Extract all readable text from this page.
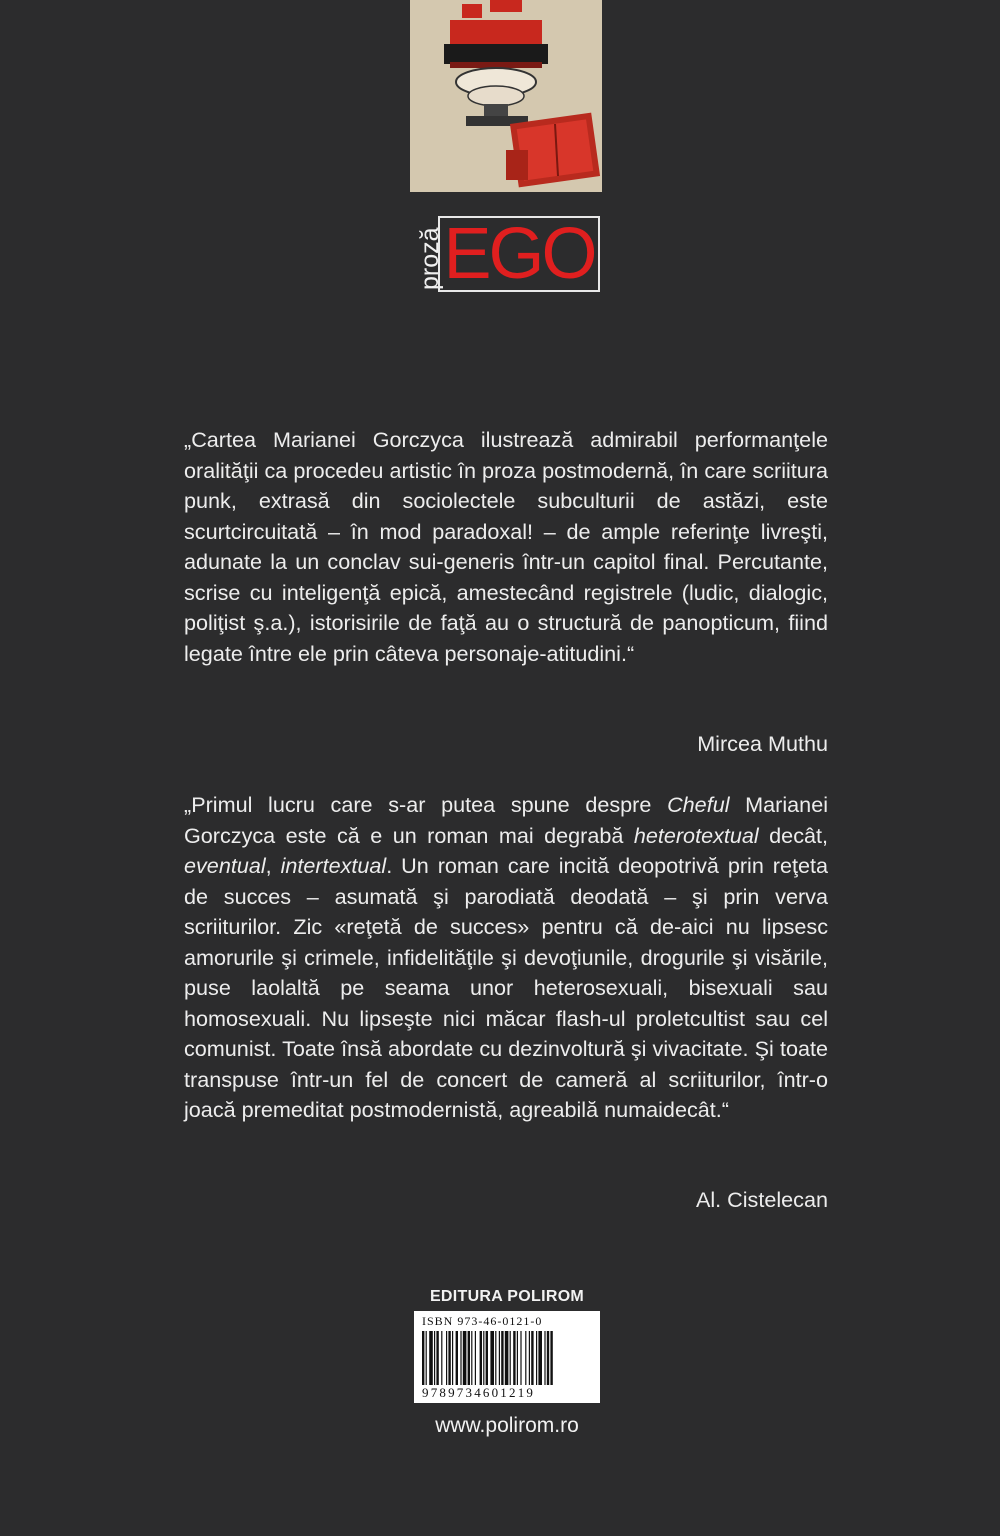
proză EGO
„Cartea Marianei Gorczyca ilustrează admirabil performanţele oralităţii ca procedeu artistic în proza postmodernă, în care scriitura punk, extrasă din sociolectele subculturii de astăzi, este scurtcircuitată – în mod paradoxal! – de ample referinţe livreşti, adunate la un conclav sui-generis într-un capitol final. Percutante, scrise cu inteligenţă epică, amestecând registrele (ludic, dialogic, poliţist ş.a.), istorisirile de faţă au o structură de panopticum, fiind legate între ele prin câteva personaje-atitudini.“
Mircea Muthu
„Primul lucru care s-ar putea spune despre Cheful Marianei Gorczyca este că e un roman mai degrabă heterotextual decât, eventual, intertextual. Un roman care incită deopotrivă prin reţeta de succes – asumată şi parodiată deodată – şi prin verva scriiturilor. Zic «reţetă de succes» pentru că de-aici nu lipsesc amorurile şi crimele, infidelităţile şi devoţiunile, drogurile şi visările, puse laolaltă pe seama unor heterosexuali, bisexuali sau homosexuali. Nu lipseşte nici măcar flash-ul proletcultist sau cel comunist. Toate însă abordate cu dezinvoltură şi vivacitate. Şi toate transpuse într-un fel de concert de cameră al scriiturilor, într-o joacă premeditat postmodernistă, agreabilă numaidecât.“
Al. Cistelecan
EDITURA POLIROM
ISBN 973-46-0121-0
9789734601219
www.polirom.ro
